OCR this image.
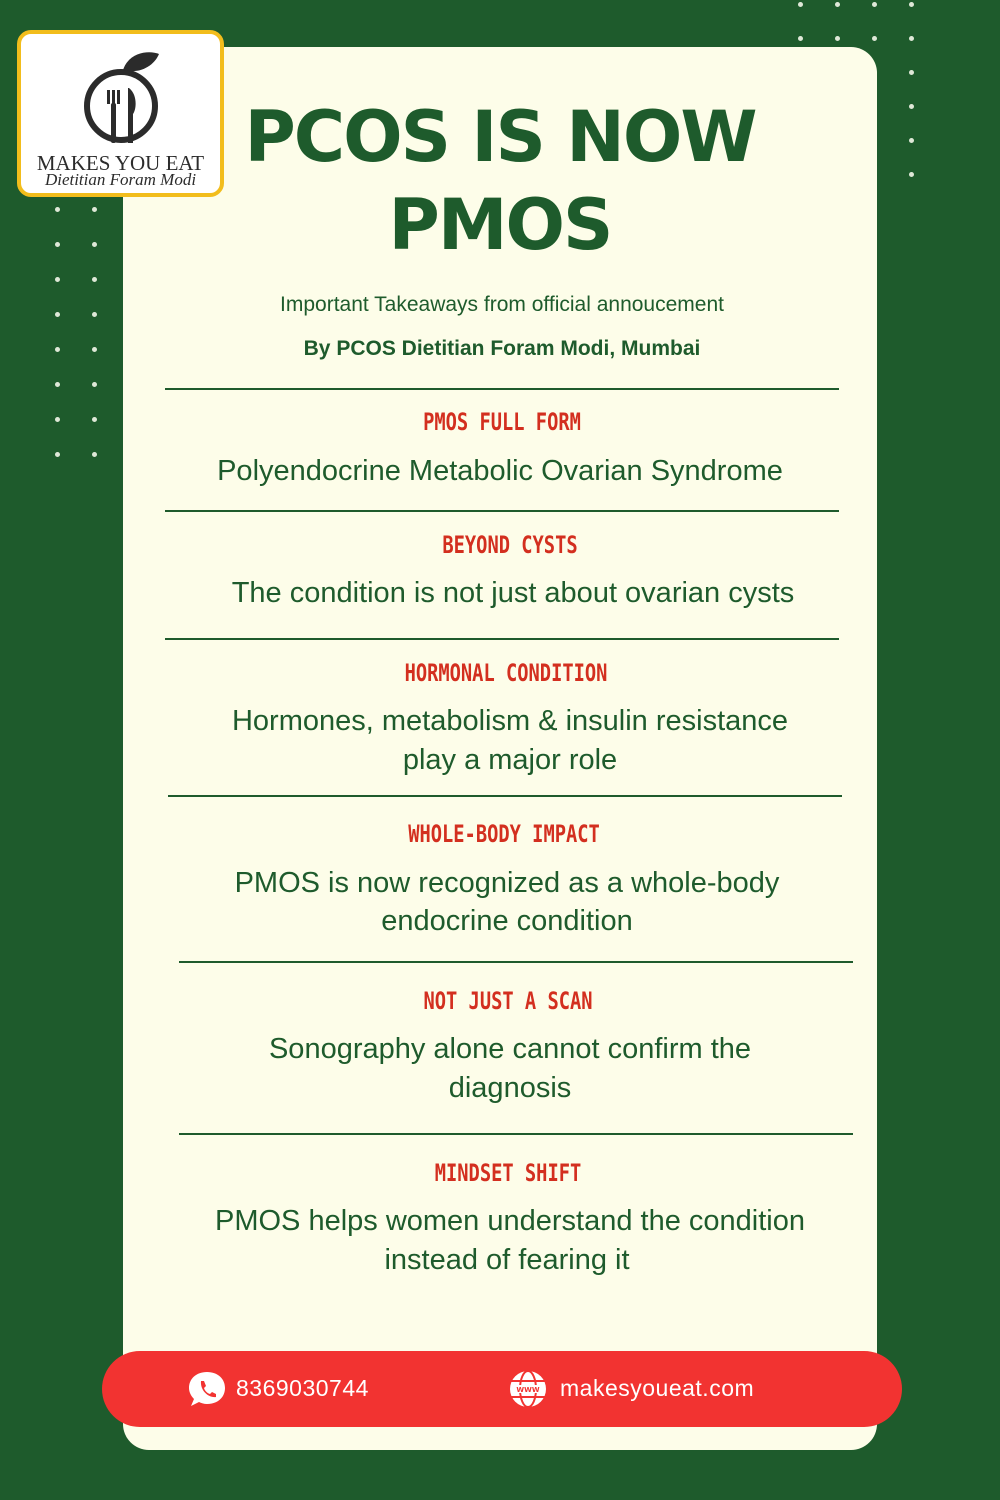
MAKES YOU EAT
Dietitian Foram Modi
PCOS IS NOW
PMOS
Important Takeaways from official annoucement
By PCOS Dietitian Foram Modi, Mumbai
PMOS FULL FORM
Polyendocrine Metabolic Ovarian Syndrome
BEYOND CYSTS
The condition is not just about ovarian cysts
HORMONAL CONDITION
Hormones, metabolism & insulin resistance
play a major role
WHOLE-BODY IMPACT
PMOS is now recognized as a whole-body
endocrine condition
NOT JUST A SCAN
Sonography alone cannot confirm the
diagnosis
MINDSET SHIFT
PMOS helps women understand the condition
instead of fearing it
8369030744	WWW makesyoueat.com
